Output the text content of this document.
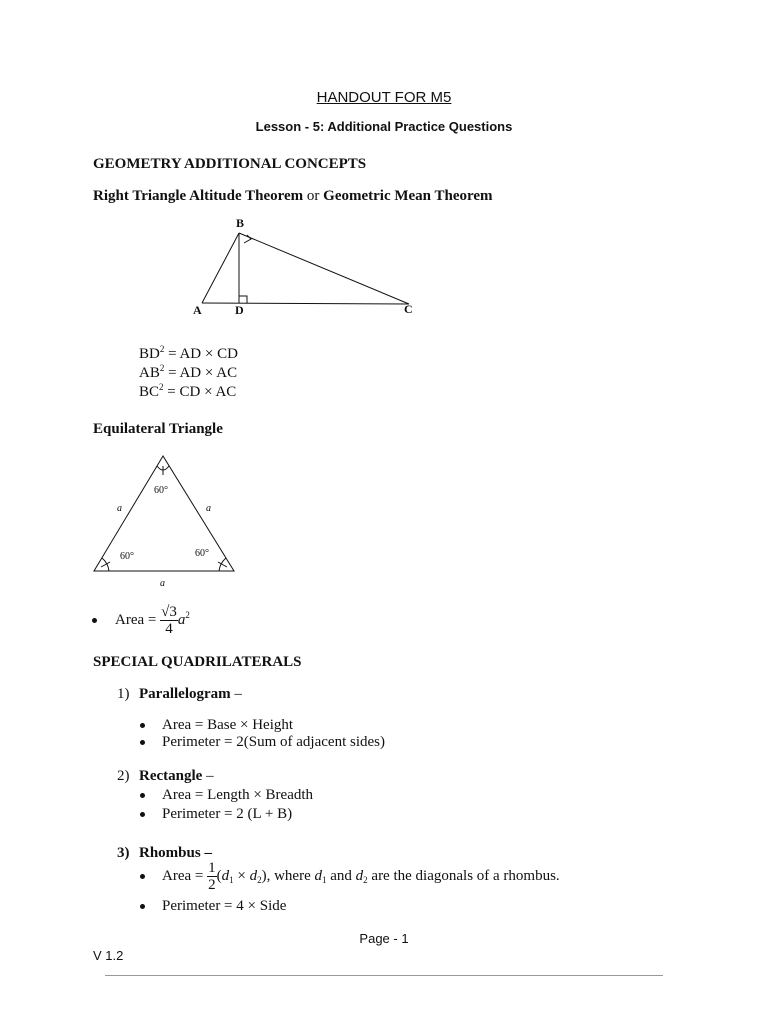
HANDOUT FOR M5
Lesson - 5: Additional Practice Questions
GEOMETRY ADDITIONAL CONCEPTS
Right Triangle Altitude Theorem or Geometric Mean Theorem
B
A	D	C
$BD^2$ = AD × CD
$AB^2$ = AD × AC
$BC^2$ = CD × AC
Equilateral Triangle
60°
60°	60°
a	a
a
Area = $\frac{√3}{4} a^2$
SPECIAL QUADRILATERALS
1) Parallelogram –
Area = Base × Height
Perimeter = 2(Sum of adjacent sides)
2) Rectangle –
Area = Length × Breadth
Perimeter = 2 (L + B)
3) Rhombus –
Area = $\frac{1}{2} (d_1 \times d_2)$, where $d_1$ and $d_2$ are the diagonals of a rhombus.
Perimeter = 4 × Side
Page - 1
V 1.2
